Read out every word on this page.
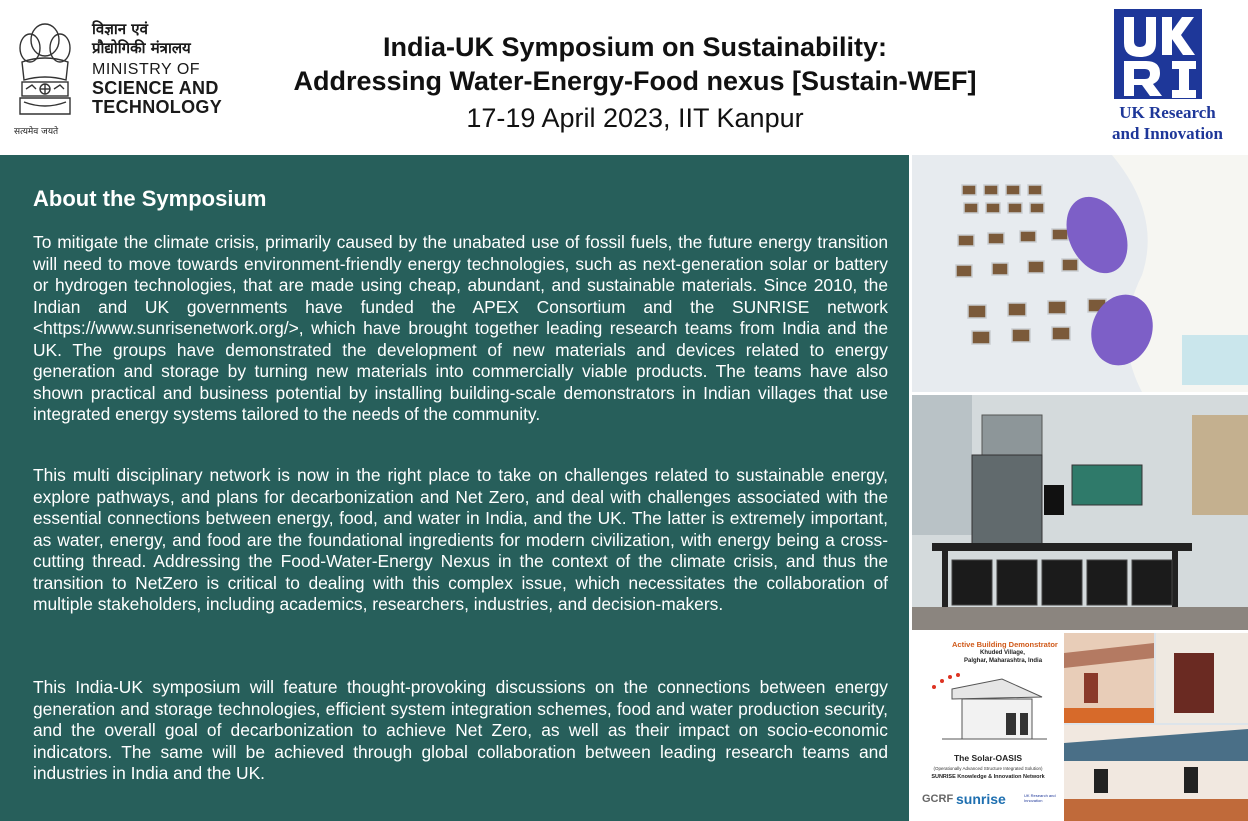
सत्यमेव जयते
विज्ञान एवं
प्रौद्योगिकी मंत्रालय
MINISTRY OF
SCIENCE AND
TECHNOLOGY
India-UK Symposium on Sustainability:
Addressing Water-Energy-Food nexus [Sustain-WEF]
17-19 April 2023, IIT Kanpur	UK Research
and Innovation
About the Symposium

To mitigate the climate crisis, primarily caused by the unabated use of fossil fuels, the future energy transition will need to move towards environment-friendly energy technologies, such as next-generation solar or battery or hydrogen technologies, that are made using cheap, abundant, and sustainable materials. Since 2010, the Indian and UK governments have funded the APEX Consortium and the SUNRISE network <https://www.sunrisenetwork.org/>, which have brought together leading research teams from India and the UK. The groups have demonstrated the development of new materials and devices related to energy generation and storage by turning new materials into commercially viable products. The teams have also shown practical and business potential by installing building-scale demonstrators in Indian villages that use integrated energy systems tailored to the needs of the community.

This multi disciplinary network is now in the right place to take on challenges related to sustainable energy, explore pathways, and plans for decarbonization and Net Zero, and deal with challenges associated with the essential connections between energy, food, and water in India, and the UK. The latter is extremely important, as water, energy, and food are the foundational ingredients for modern civilization, with energy being a cross-cutting thread. Addressing the Food-Water-Energy Nexus in the context of the climate crisis, and thus the transition to NetZero is critical to dealing with this complex issue, which necessitates the collaboration of multiple stakeholders, including academics, researchers, industries, and decision-makers.

This India-UK symposium will feature thought-provoking discussions on the connections between energy generation and storage technologies, efficient system integration schemes, food and water production security, and the overall goal of decarbonization to achieve Net Zero, as well as their impact on socio-economic indicators. The same will be achieved through global collaboration between leading research teams and industries in India and the UK.

Active Building Demonstrator
Khuded Village,
Palghar, Maharashtra, India
The Solar-OASIS
(Operationally Advanced Structure Integrated Solution)
SUNRISE Knowledge & Innovation Network
GCRF sunrise	UK Research and Innovation
